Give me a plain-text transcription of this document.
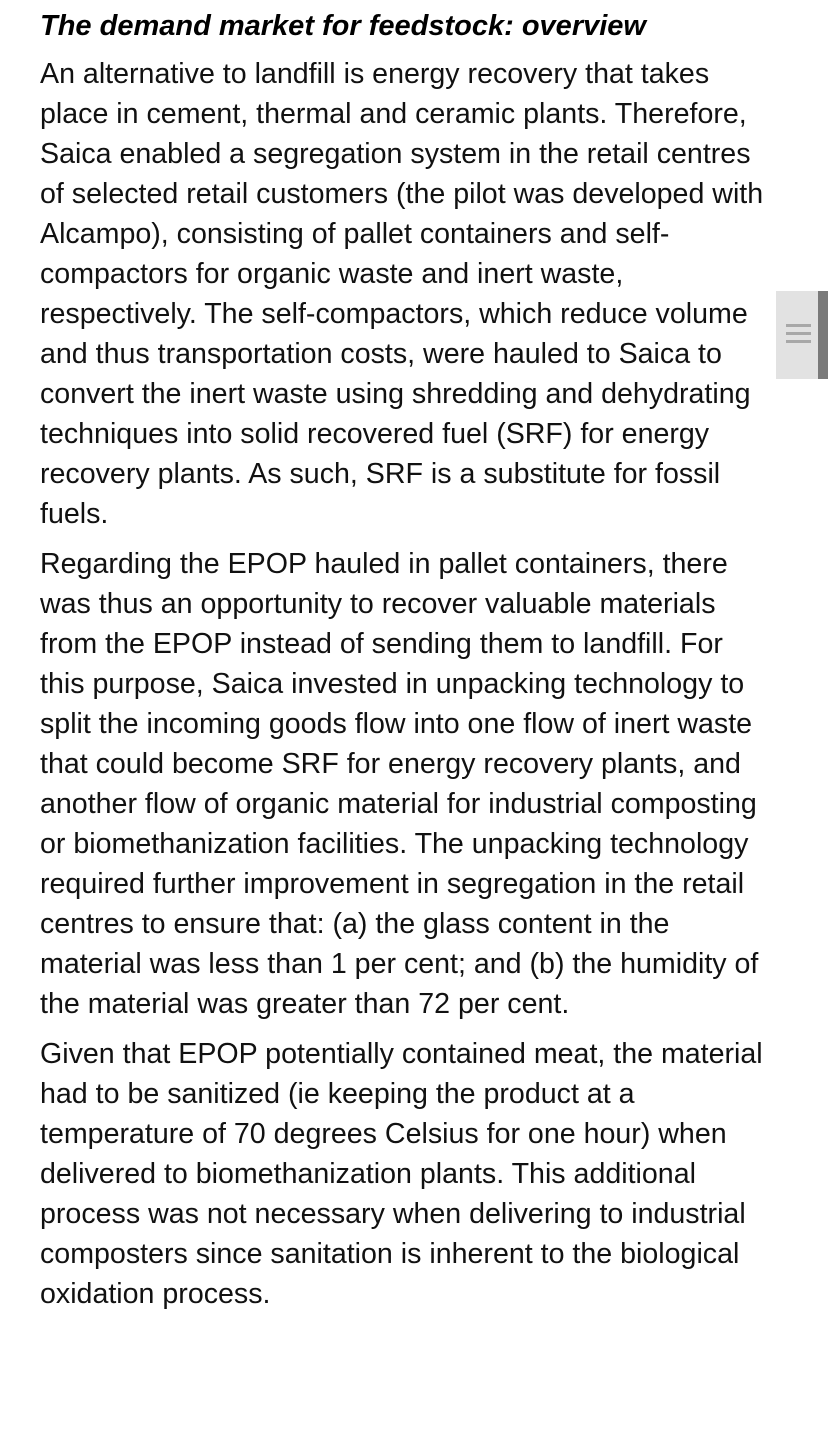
The demand market for feedstock: overview

An alternative to landfill is energy recovery that takes place in cement, thermal and ceramic plants. Therefore, Saica enabled a segregation system in the retail centres of selected retail customers (the pilot was developed with Alcampo), consisting of pallet containers and self-compactors for organic waste and inert waste, respectively. The self-compactors, which reduce volume and thus transportation costs, were hauled to Saica to convert the inert waste using shredding and dehydrating techniques into solid recovered fuel (SRF) for energy recovery plants. As such, SRF is a substitute for fossil fuels.

Regarding the EPOP hauled in pallet containers, there was thus an opportunity to recover valuable materials from the EPOP instead of sending them to landfill. For this purpose, Saica invested in unpacking technology to split the incoming goods flow into one flow of inert waste that could become SRF for energy recovery plants, and another flow of organic material for industrial composting or biomethanization facilities. The unpacking technology required further improvement in segregation in the retail centres to ensure that: (a) the glass content in the material was less than 1 per cent; and (b) the humidity of the material was greater than 72 per cent.

Given that EPOP potentially contained meat, the material had to be sanitized (ie keeping the product at a temperature of 70 degrees Celsius for one hour) when delivered to biomethanization plants. This additional process was not necessary when delivering to industrial composters since sanitation is inherent to the biological oxidation process.
